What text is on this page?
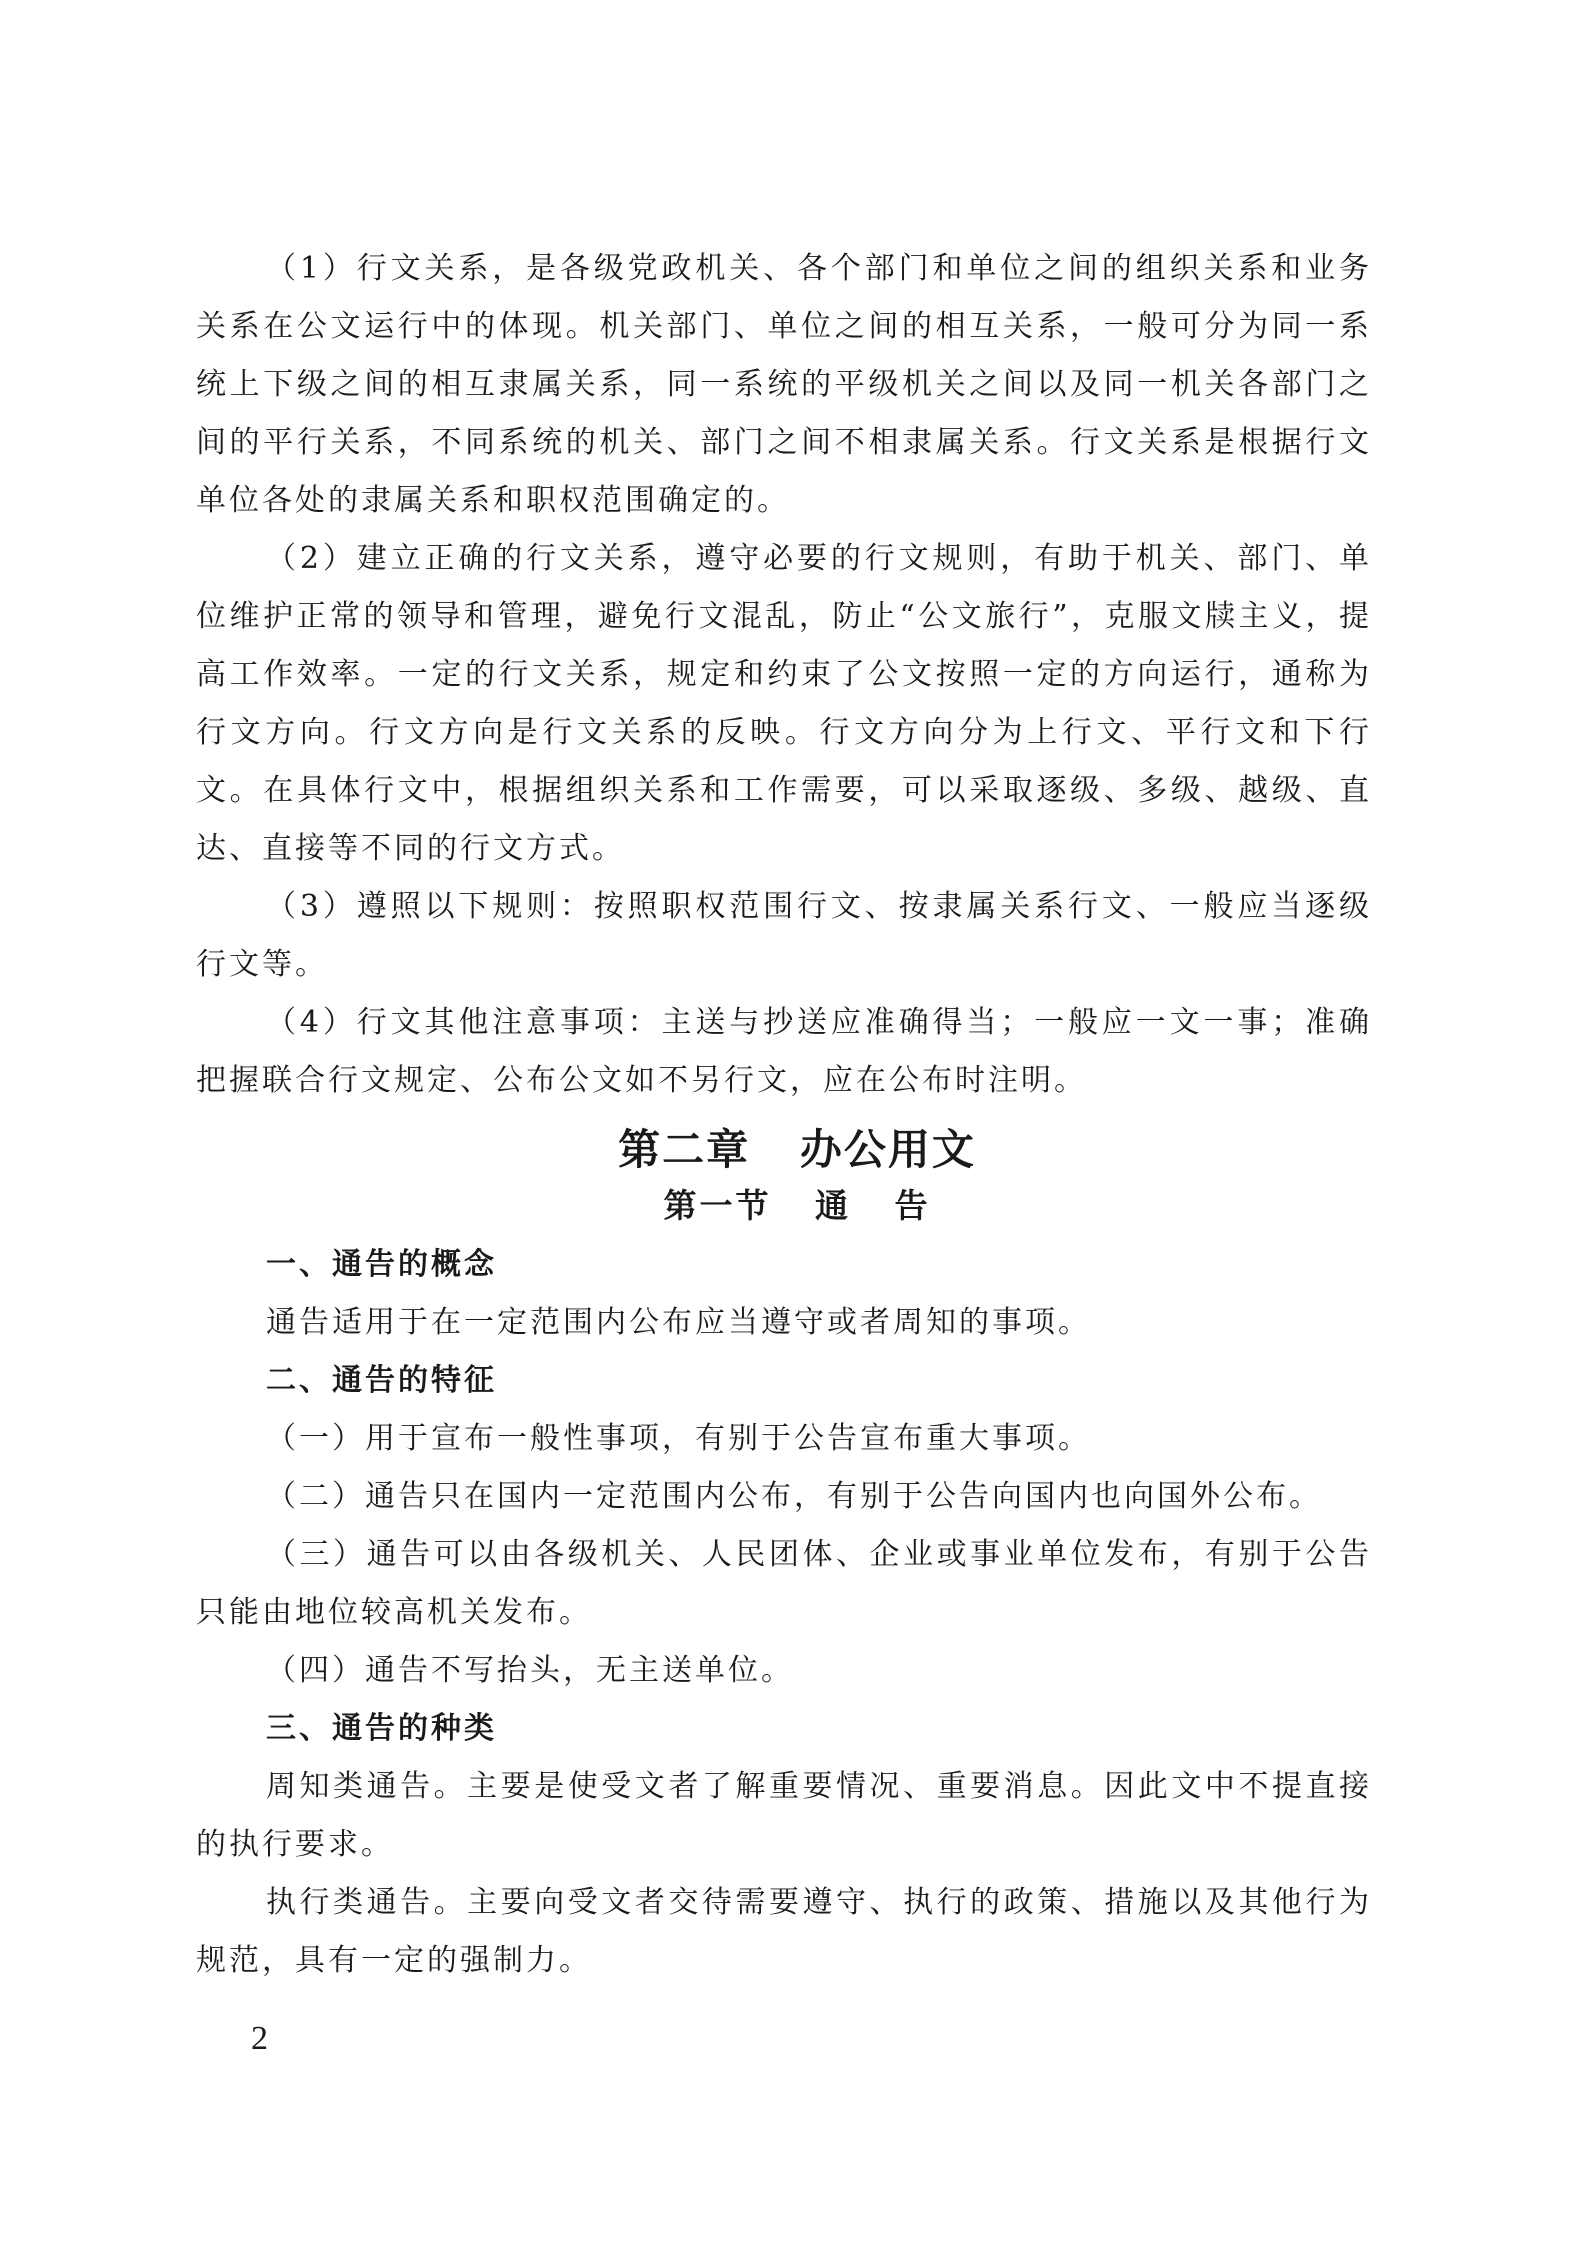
（1）行文关系，是各级党政机关、各个部门和单位之间的组织关系和业务关系在公文运行中的体现。机关部门、单位之间的相互关系，一般可分为同一系统上下级之间的相互隶属关系，同一系统的平级机关之间以及同一机关各部门之间的平行关系，不同系统的机关、部门之间不相隶属关系。行文关系是根据行文单位各处的隶属关系和职权范围确定的。

（2）建立正确的行文关系，遵守必要的行文规则，有助于机关、部门、单位维护正常的领导和管理，避免行文混乱，防止“公文旅行”，克服文牍主义，提高工作效率。一定的行文关系，规定和约束了公文按照一定的方向运行，通称为行文方向。行文方向是行文关系的反映。行文方向分为上行文、平行文和下行文。在具体行文中，根据组织关系和工作需要，可以采取逐级、多级、越级、直达、直接等不同的行文方式。

（3）遵照以下规则：按照职权范围行文、按隶属关系行文、一般应当逐级行文等。

（4）行文其他注意事项：主送与抄送应准确得当；一般应一文一事；准确把握联合行文规定、公布公文如不另行文，应在公布时注明。

第二章   办公用文
第一节   通   告

一、通告的概念

通告适用于在一定范围内公布应当遵守或者周知的事项。

二、通告的特征

（一）用于宣布一般性事项，有别于公告宣布重大事项。

（二）通告只在国内一定范围内公布，有别于公告向国内也向国外公布。

（三）通告可以由各级机关、人民团体、企业或事业单位发布，有别于公告只能由地位较高机关发布。

（四）通告不写抬头，无主送单位。

三、通告的种类

周知类通告。主要是使受文者了解重要情况、重要消息。因此文中不提直接的执行要求。

执行类通告。主要向受文者交待需要遵守、执行的政策、措施以及其他行为规范，具有一定的强制力。

2
